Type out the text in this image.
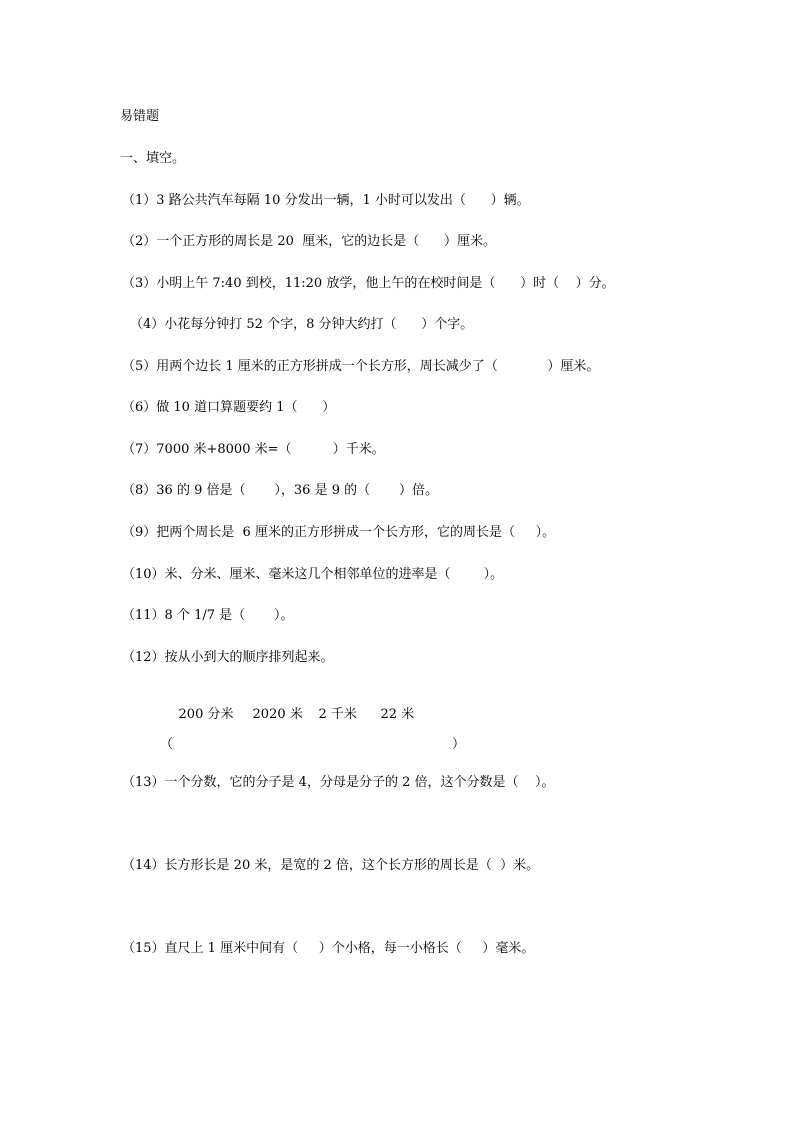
易错题
一、填空。
（1）3 路公共汽车每隔 10 分发出一辆，1 小时可以发出（      ）辆。
（2）一个正方形的周长是 20  厘米，它的边长是（      ）厘米。
（3）小明上午 7:40 到校，11:20 放学，他上午的在校时间是（      ）时（    ）分。
（4）小花每分钟打 52 个字，8 分钟大约打（      ）个字。
（5）用两个边长 1 厘米的正方形拼成一个长方形，周长减少了（            ）厘米。
（6）做 10 道口算题要约 1（      ）
（7）7000 米+8000 米=（          ）千米。
（8）36 的 9 倍是（       ），36 是 9 的（       ）倍。
（9）把两个周长是  6 厘米的正方形拼成一个长方形，它的周长是（     ）。
（10）米、分米、厘米、毫米这几个相邻单位的进率是（        ）。
（11）8 个 1/7 是（       ）。
（12）按从小到大的顺序排列起来。

200 分米 2020 米 2 千米 22 米

（	）
（13）一个分数，它的分子是 4，分母是分子的 2 倍，这个分数是（    ）。
（14）长方形长是 20 米，是宽的 2 倍，这个长方形的周长是（  ）米。
（15）直尺上 1 厘米中间有（     ）个小格，每一小格长（     ）毫米。
